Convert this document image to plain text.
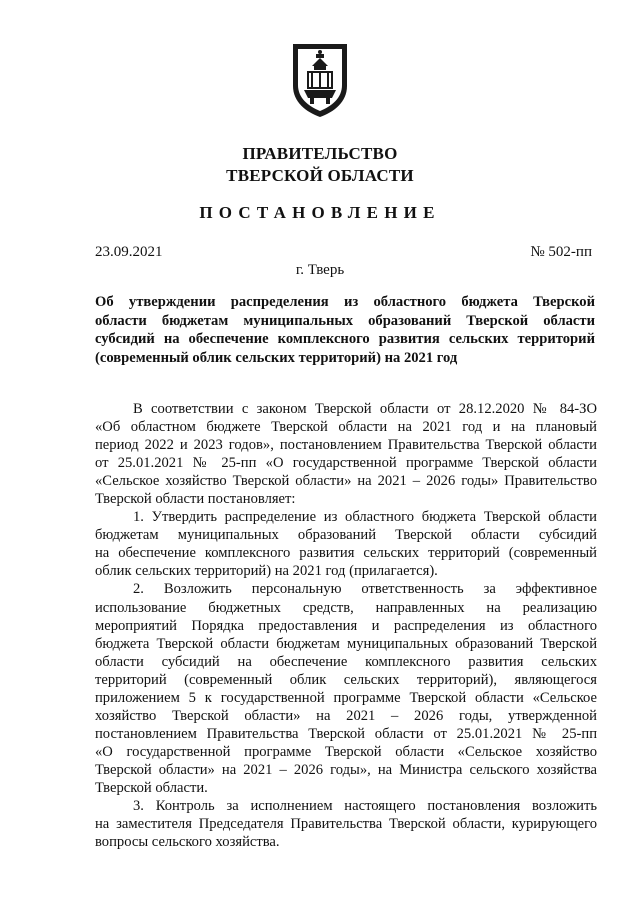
ПРАВИТЕЛЬСТВО
ТВЕРСКОЙ ОБЛАСТИ
ПОСТАНОВЛЕНИЕ
23.09.2021	№ 502-пп
г. Тверь
Об утверждении распределения из областного бюджета Тверской
области бюджетам муниципальных образований Тверской области
субсидий на обеспечение комплексного развития сельских территорий
(современный облик сельских территорий) на 2021 год
В соответствии с законом Тверской области от 28.12.2020 № 84-ЗО
«Об областном бюджете Тверской области на 2021 год и на плановый
период 2022 и 2023 годов», постановлением Правительства Тверской области
от 25.01.2021 № 25-пп «О государственной программе Тверской области
«Сельское хозяйство Тверской области» на 2021 – 2026 годы» Правительство
Тверской области постановляет:
1. Утвердить распределение из областного бюджета Тверской области
бюджетам муниципальных образований Тверской области субсидий
на обеспечение комплексного развития сельских территорий (современный
облик сельских территорий) на 2021 год (прилагается).
2. Возложить персональную ответственность за эффективное
использование бюджетных средств, направленных на реализацию
мероприятий Порядка предоставления и распределения из областного
бюджета Тверской области бюджетам муниципальных образований Тверской
области субсидий на обеспечение комплексного развития сельских
территорий (современный облик сельских территорий), являющегося
приложением 5 к государственной программе Тверской области «Сельское
хозяйство Тверской области» на 2021 – 2026 годы, утвержденной
постановлением Правительства Тверской области от 25.01.2021 № 25-пп
«О государственной программе Тверской области «Сельское хозяйство
Тверской области» на 2021 – 2026 годы», на Министра сельского хозяйства
Тверской области.
3. Контроль за исполнением настоящего постановления возложить
на заместителя Председателя Правительства Тверской области, курирующего
вопросы сельского хозяйства.
